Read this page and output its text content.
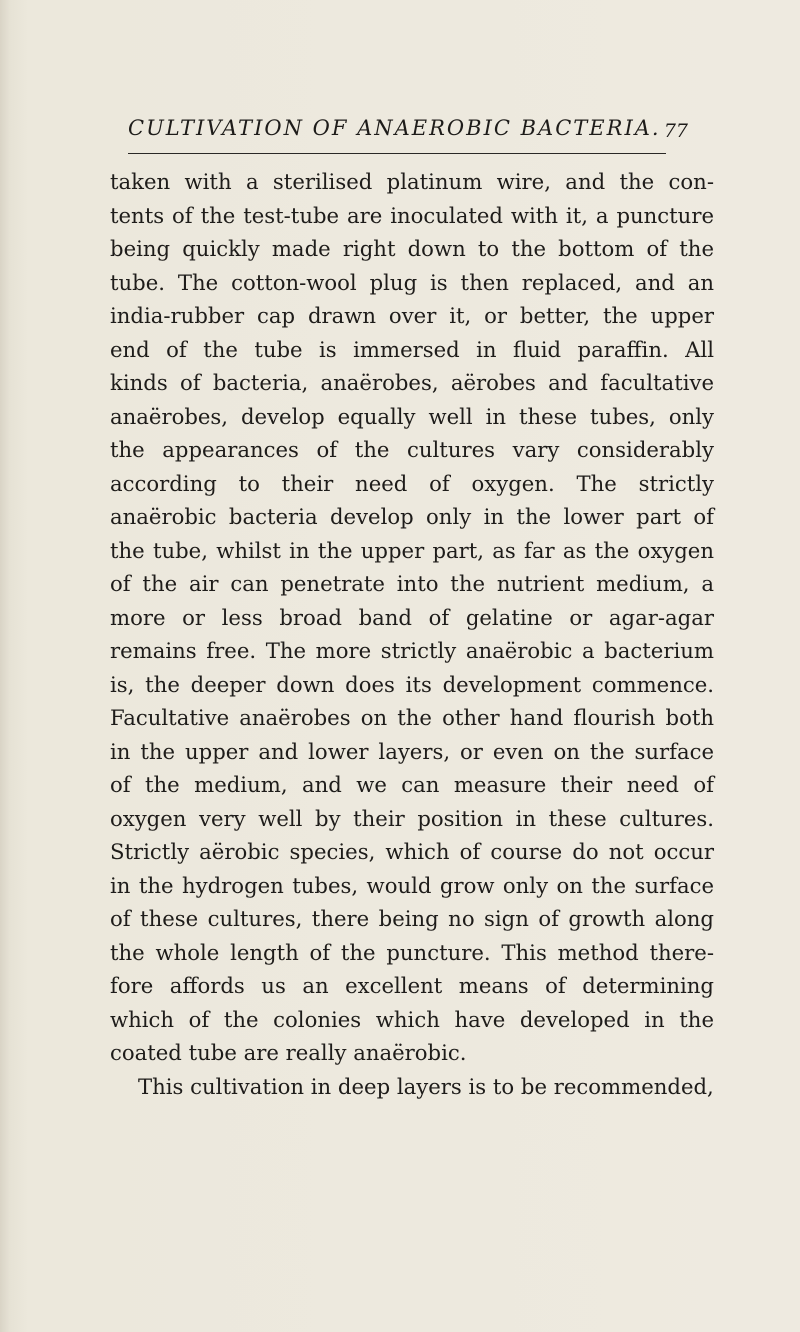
CULTIVATION OF ANAEROBIC BACTERIA. 77
taken with a sterilised platinum wire, and the con-
tents of the test-tube are inoculated with it, a puncture
being quickly made right down to the bottom of the
tube. The cotton-wool plug is then replaced, and an
india-rubber cap drawn over it, or better, the upper
end of the tube is immersed in fluid paraffin. All
kinds of bacteria, anaërobes, aërobes and facultative
anaërobes, develop equally well in these tubes, only
the appearances of the cultures vary considerably
according to their need of oxygen. The strictly
anaërobic bacteria develop only in the lower part of
the tube, whilst in the upper part, as far as the oxygen
of the air can penetrate into the nutrient medium, a
more or less broad band of gelatine or agar-agar
remains free. The more strictly anaërobic a bacterium
is, the deeper down does its development commence.
Facultative anaërobes on the other hand flourish both
in the upper and lower layers, or even on the surface
of the medium, and we can measure their need of
oxygen very well by their position in these cultures.
Strictly aërobic species, which of course do not occur
in the hydrogen tubes, would grow only on the surface
of these cultures, there being no sign of growth along
the whole length of the puncture. This method there-
fore affords us an excellent means of determining
which of the colonies which have developed in the
coated tube are really anaërobic.
This cultivation in deep layers is to be recommended,
